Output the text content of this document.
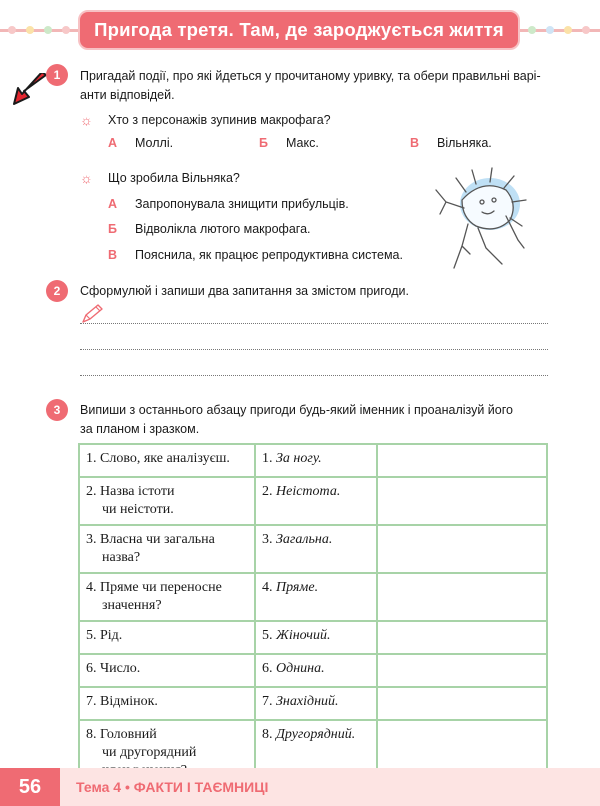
Пригода третя. Там, де зароджується життя
1	Пригадай події, про які йдеться у прочитаному уривку, та обери правильні варі-
анти відповідей.
☼ Хто з персонажів зупинив макрофага?
А Моллі.	Б Макс.	В Вільняка.
☼ Що зробила Вільняка?
А Запропонувала знищити прибульців.
Б Відволікла лютого макрофага.
В Пояснила, як працює репродуктивна система.
2	Сформулюй і запиши два запитання за змістом пригоди.
3	Випиши з останнього абзацу пригоди будь-який іменник і проаналізуй його
за планом і зразком.
1. Слово, яке аналізуєш.	1. За ногу.	

2. Назва істоти
чи неістоти.	2. Неістота.	

3. Власна чи загальна
назва?	3. Загальна.	

4. Пряме чи переносне
значення?	4. Пряме.	

5. Рід.	5. Жіночий.	

6. Число.	6. Однина.	

7. Відмінок.	7. Знахідний.	

8. Головний
чи другорядний	8. Другорядний.	
56	Тема 4 • ФАКТИ І ТАЄМНИЦІ
